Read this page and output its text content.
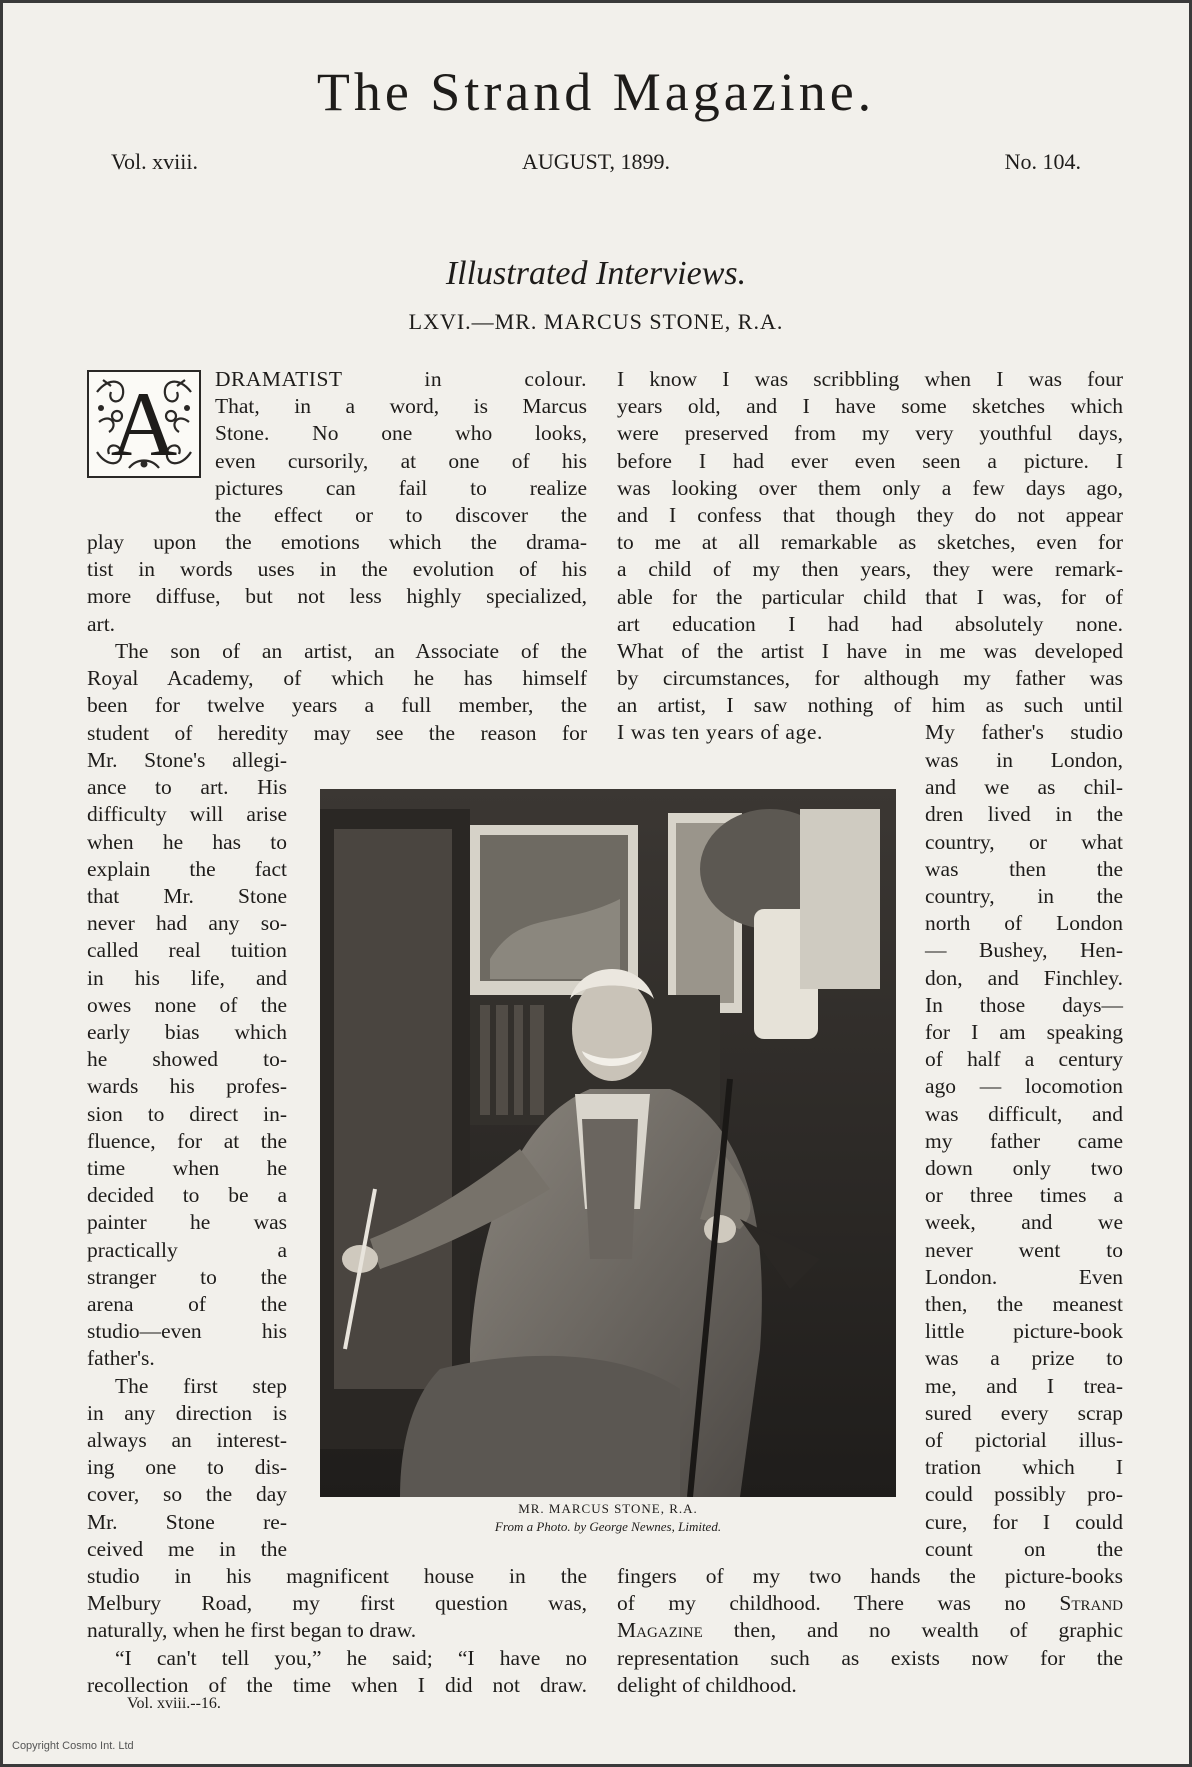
The Strand Magazine.
Vol. xviii.	AUGUST, 1899.	No. 104.
Illustrated Interviews.
LXVI.—MR. MARCUS STONE, R.A.
A	DRAMATIST in colour.

That, in a word, is Marcus

Stone. No one who looks,

even cursorily, at one of his

pictures can fail to realize

the effect or to discover the

play upon the emotions which the drama-

tist in words uses in the evolution of his

more diffuse, but not less highly specialized,

art.

The son of an artist, an Associate of the

Royal Academy, of which he has himself

been for twelve years a full member, the

student of heredity may see the reason for

Mr. Stone's allegi-

ance to art. His

difficulty will arise

when he has to

explain the fact

that Mr. Stone

never had any so-

called real tuition

in his life, and

owes none of the

early bias which

he showed to-

wards his profes-

sion to direct in-

fluence, for at the

time when he

decided to be a

painter he was

practically a

stranger to the

arena of the

studio—even his

father's.

The first step

in any direction is

always an interest-

ing one to dis-

cover, so the day

Mr. Stone re-

ceived me in the

studio in his magnificent house in the

Melbury Road, my first question was,

naturally, when he first began to draw.

“I can't tell you,” he said; “I have no

recollection of the time when I did not draw.

I know I was scribbling when I was four

years old, and I have some sketches which

were preserved from my very youthful days,

before I had ever even seen a picture. I

was looking over them only a few days ago,

and I confess that though they do not appear

to me at all remarkable as sketches, even for

a child of my then years, they were remark-

able for the particular child that I was, for of

art education I had had absolutely none.

What of the artist I have in me was developed

by circumstances, for although my father was

an artist, I saw nothing of him as such until

I was ten years of age.	My father's studio

was in London,

and we as chil-

dren lived in the

country, or what

was then the

country, in the

north of London

— Bushey, Hen-

don, and Finchley.

In those days—

for I am speaking

of half a century

ago — locomotion

was difficult, and

my father came

down only two

or three times a

week, and we

never went to

London. Even

then, the meanest

little picture-book

was a prize to

me, and I trea-

sured every scrap

of pictorial illus-

tration which I

could possibly pro-

cure, for I could

count on the

fingers of my two hands the picture-books

of my childhood. There was no Strand

Magazine then, and no wealth of graphic

representation such as exists now for the

delight of childhood.

MR. MARCUS STONE, R.A.
From a Photo. by George Newnes, Limited.
Vol. xviii.--16.
Copyright Cosmo Int. Ltd
